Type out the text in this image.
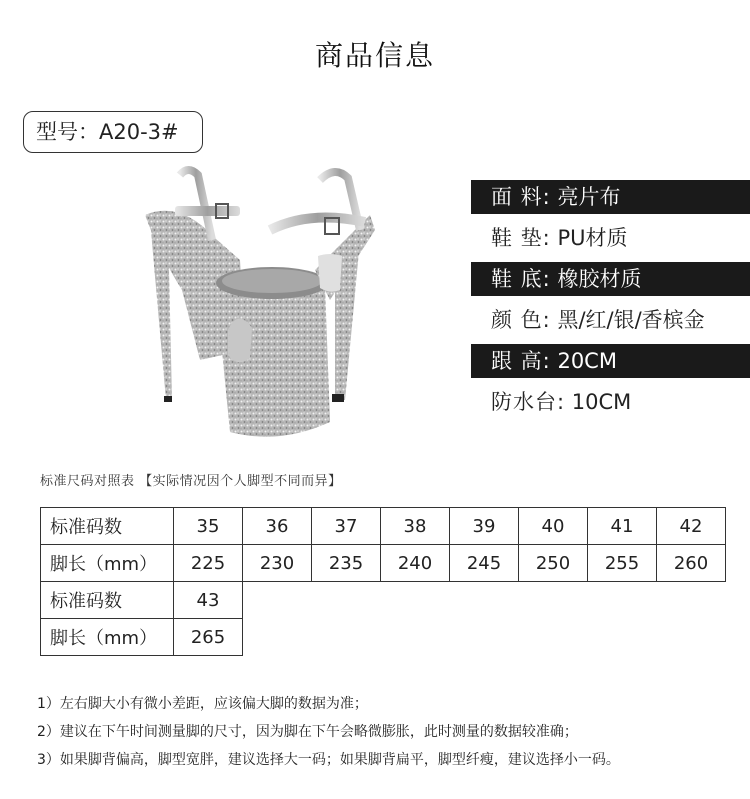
商品信息
型号：A20-3#
面 料: 亮片布
鞋 垫: PU材质
鞋 底: 橡胶材质
颜 色: 黑/红/银/香槟金
跟 高: 20CM
防水台: 10CM
标准尺码对照表 【实际情况因个人脚型不同而异】
标准码数	35	36	37	38	39	40	41	42
脚长（mm）	225	230	235	240	245	250	255	260
标准码数	43							
脚长（mm）	265							
1）左右脚大小有微小差距，应该偏大脚的数据为准；
2）建议在下午时间测量脚的尺寸，因为脚在下午会略微膨胀，此时测量的数据较准确；
3）如果脚背偏高，脚型宽胖，建议选择大一码；如果脚背扁平，脚型纤瘦，建议选择小一码。
